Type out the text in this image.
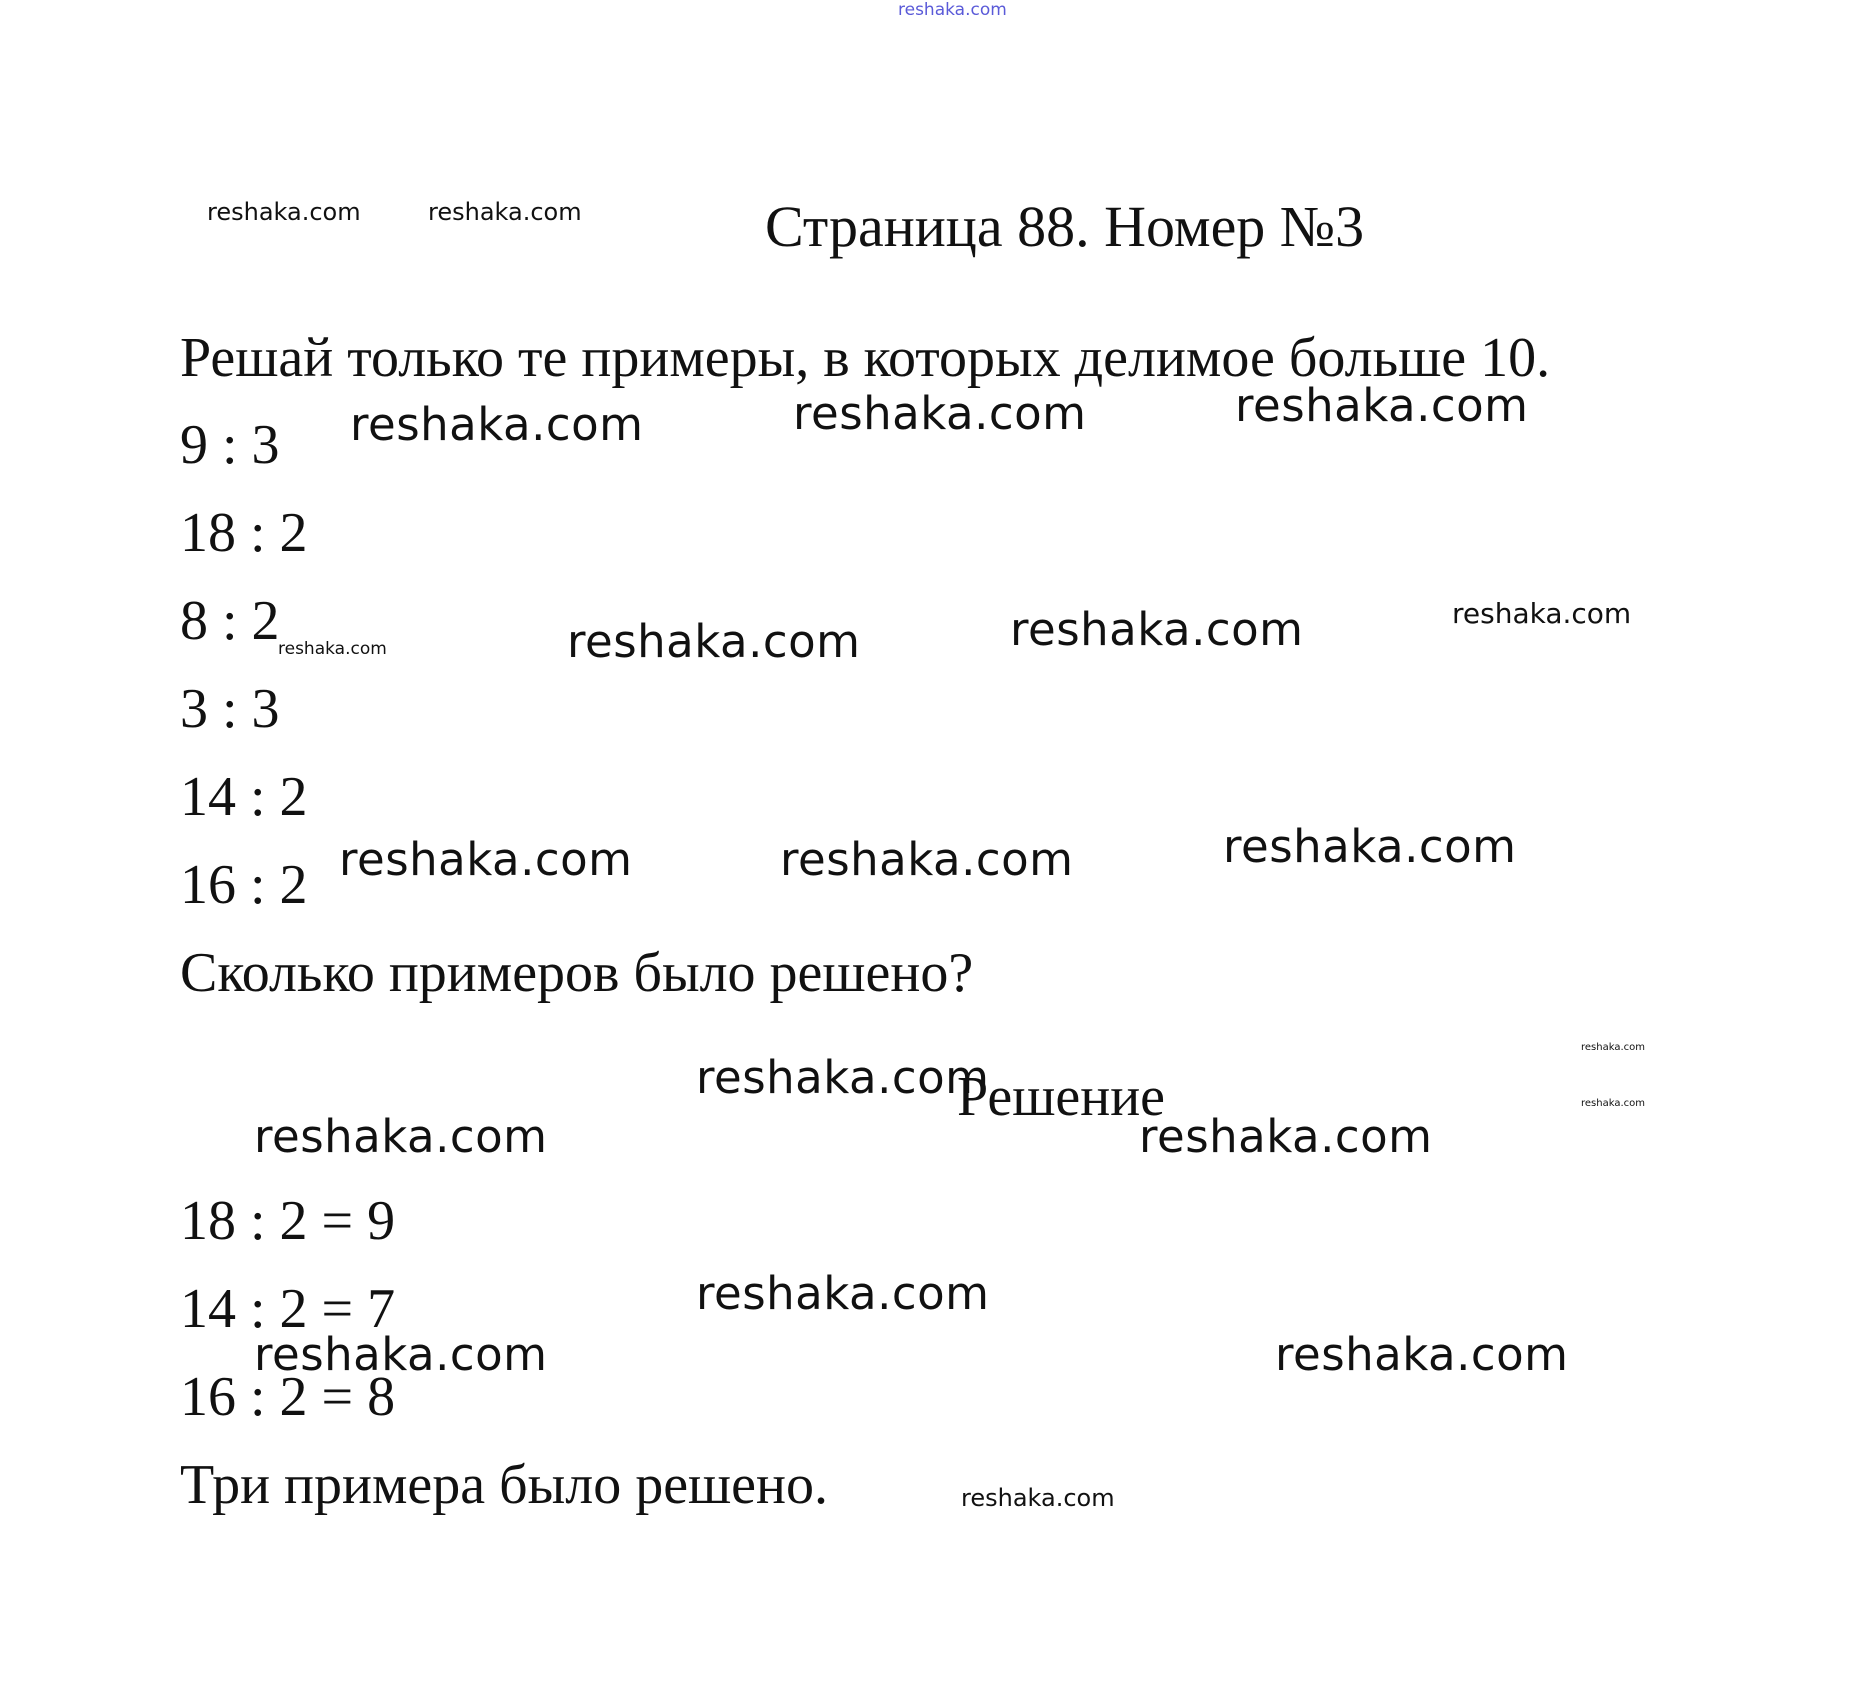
reshaka.com
reshaka.com	reshaka.com	Страница 88. Номер №3
Решай только те примеры, в которых делимое больше 10.
9 : 3
18 : 2
8 : 2
3 : 3
14 : 2
16 : 2
Сколько примеров было решено?
reshaka.com	reshaka.com	reshaka.com
reshaka.com	reshaka.com	reshaka.com	reshaka.com
reshaka.com	reshaka.com	reshaka.com
reshaka.com
reshaka.com
Решение
reshaka.com
reshaka.com	reshaka.com
18 : 2 = 9
14 : 2 = 7
16 : 2 = 8
reshaka.com
reshaka.com	reshaka.com
Три примера было решено.	reshaka.com
